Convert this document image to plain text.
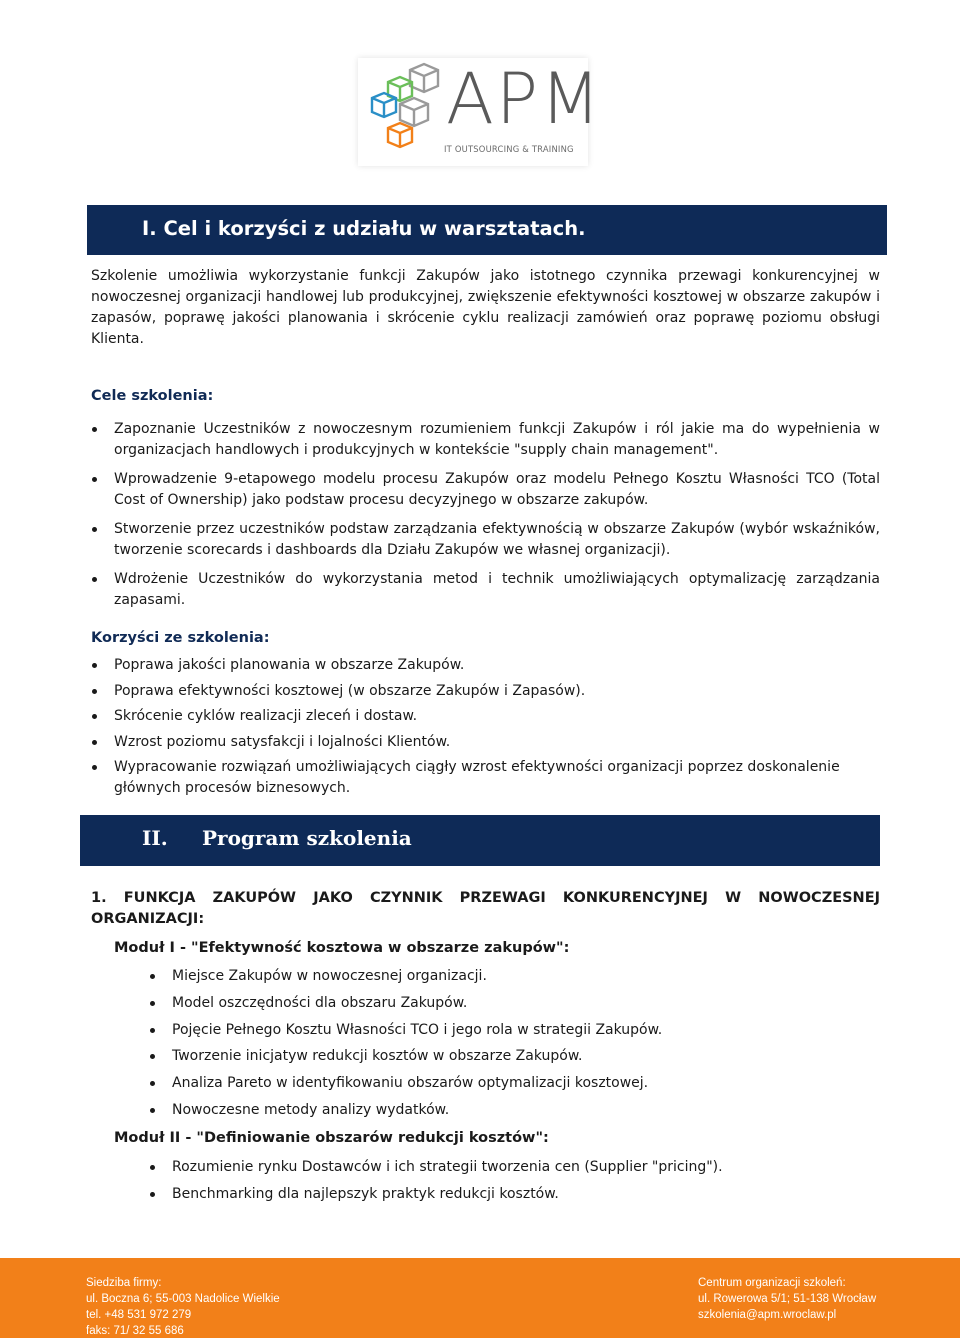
APM
IT OUTSOURCING & TRAINING
I. Cel i korzyści z udziału w warsztatach.
Szkolenie umożliwia wykorzystanie funkcji Zakupów jako istotnego czynnika przewagi konkurencyjnej w nowoczesnej organizacji handlowej lub produkcyjnej, zwiększenie efektywności kosztowej w obszarze zakupów i zapasów, poprawę jakości planowania i skrócenie cyklu realizacji zamówień oraz poprawę poziomu obsługi Klienta.
Cele szkolenia:
Zapoznanie Uczestników z nowoczesnym rozumieniem funkcji Zakupów i ról jakie ma do wypełnienia w organizacjach handlowych i produkcyjnych w kontekście "supply chain management".
Wprowadzenie 9-etapowego modelu procesu Zakupów oraz modelu Pełnego Kosztu Własności TCO (Total Cost of Ownership) jako podstaw procesu decyzyjnego w obszarze zakupów.
Stworzenie przez uczestników podstaw zarządzania efektywnością w obszarze Zakupów (wybór wskaźników, tworzenie scorecards i dashboards dla Działu Zakupów we własnej organizacji).
Wdrożenie Uczestników do wykorzystania metod i technik umożliwiających optymalizację zarządzania zapasami.
Korzyści ze szkolenia:
Poprawa jakości planowania w obszarze Zakupów.
Poprawa efektywności kosztowej (w obszarze Zakupów i Zapasów).
Skrócenie cyklów realizacji zleceń i dostaw.
Wzrost poziomu satysfakcji i lojalności Klientów.
Wypracowanie rozwiązań umożliwiających ciągły wzrost efektywności organizacji poprzez doskonalenie głównych procesów biznesowych.
II. Program szkolenia
1. FUNKCJA ZAKUPÓW JAKO CZYNNIK PRZEWAGI KONKURENCYJNEJ W NOWOCZESNEJ ORGANIZACJI:
Moduł I - "Efektywność kosztowa w obszarze zakupów":
Miejsce Zakupów w nowoczesnej organizacji.
Model oszczędności dla obszaru Zakupów.
Pojęcie Pełnego Kosztu Własności TCO i jego rola w strategii Zakupów.
Tworzenie inicjatyw redukcji kosztów w obszarze Zakupów.
Analiza Pareto w identyfikowaniu obszarów optymalizacji kosztowej.
Nowoczesne metody analizy wydatków.
Moduł II - "Definiowanie obszarów redukcji kosztów":
Rozumienie rynku Dostawców i ich strategii tworzenia cen (Supplier "pricing").
Benchmarking dla najlepszyk praktyk redukcji kosztów.
Siedziba firmy:
ul. Boczna 6; 55-003 Nadolice Wielkie
tel. +48 531 972 279
faks: 71/ 32 55 686
Centrum organizacji szkoleń:
ul. Rowerowa 5/1; 51-138 Wrocław
szkolenia@apm.wroclaw.pl
